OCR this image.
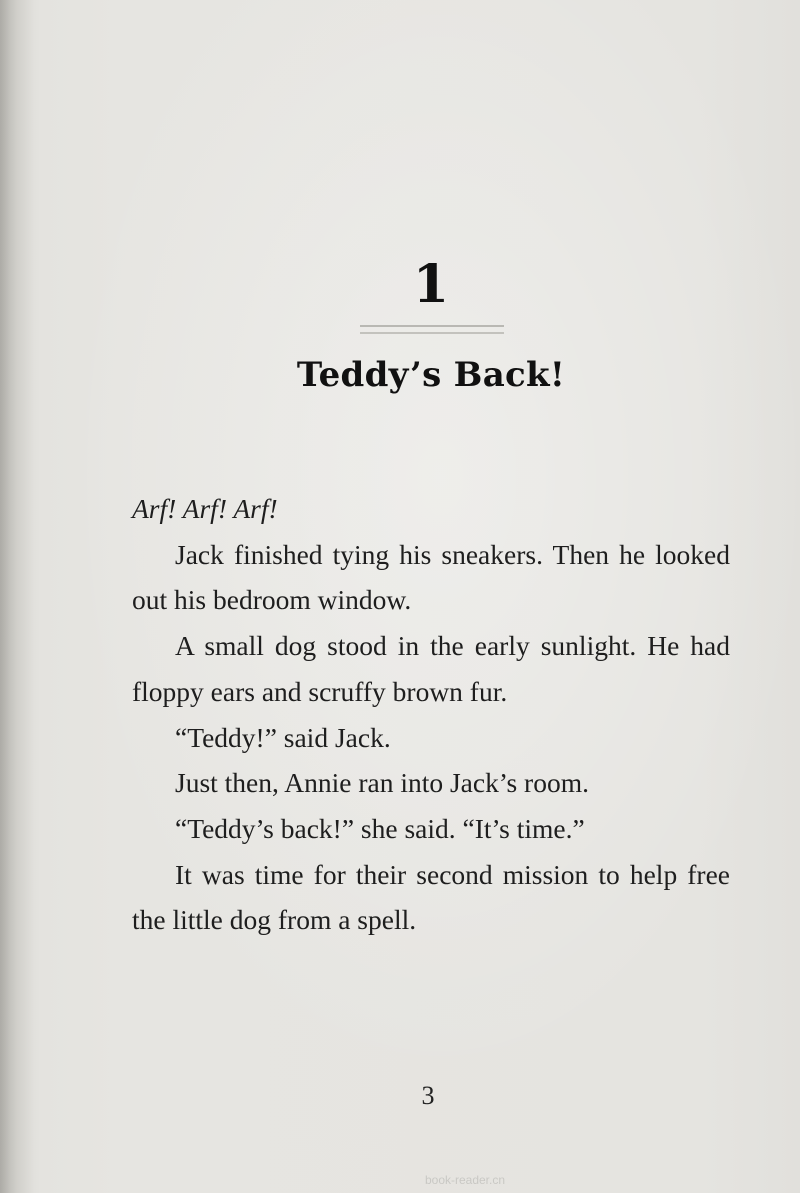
1
Teddy’s Back!

Arf! Arf! Arf!

Jack finished tying his sneakers. Then he looked out his bedroom window.

A small dog stood in the early sunlight. He had floppy ears and scruffy brown fur.

“Teddy!” said Jack.

Just then, Annie ran into Jack’s room.

“Teddy’s back!” she said. “It’s time.”

It was time for their second mission to help free the little dog from a spell.

3
book-reader.cn
